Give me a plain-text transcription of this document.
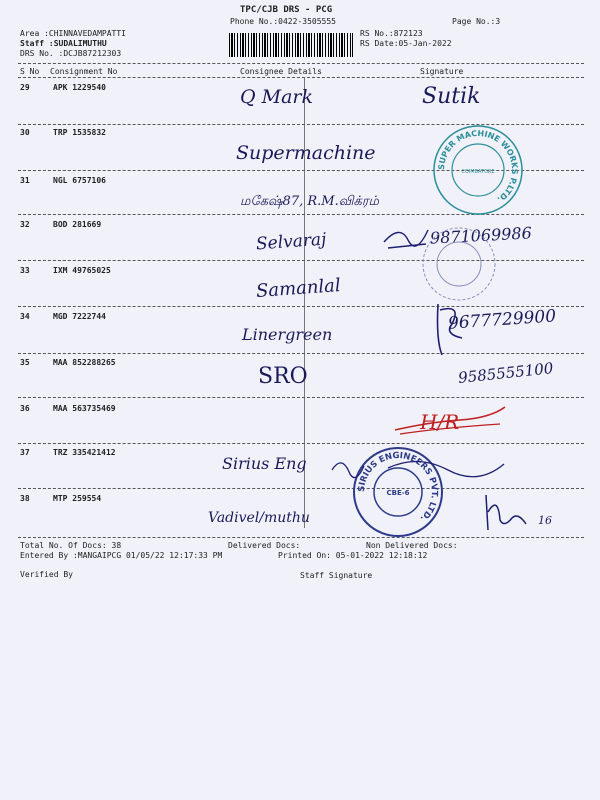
TPC/CJB DRS - PCG
Phone No.:0422-3505555	Page No.:3
Area :CHINNAVEDAMPATTI
Staff :SUDALIMUTHU
DRS No. :DCJB87212303
RS No.:872123
RS Date:05-Jan-2022
S No Consignment No	Consignee Details	Signature
29	APK 1229540	Q Mark	Sutik
30	TRP 1535832
Supermachine
31	NGL 6757106
மகேஷ்87, R.M.விக்ரம்
32	BOD 281669
Selvaraj	9871069986
33	IXM 49765025
Samanlal
34	MGD 7222744
Linergreen
9677729900
35	MAA 852288265
SRO	9585555100
36	MAA 563735469
H/R
37	TRZ 335421412
Sirius Eng
38	MTP 259554
Vadivel/muthu	16
SUPER MACHINE WORKS P.LTD.
COIMBATORE
SIRIUS ENGINEERS PVT. LTD.
CBE-6
Total No. Of Docs: 38	Delivered Docs:	Non Delivered Docs:
Entered By :MANGAIPCG 01/05/22 12:17:33 PM	Printed On: 05-01-2022 12:18:12
Verified By	Staff Signature
